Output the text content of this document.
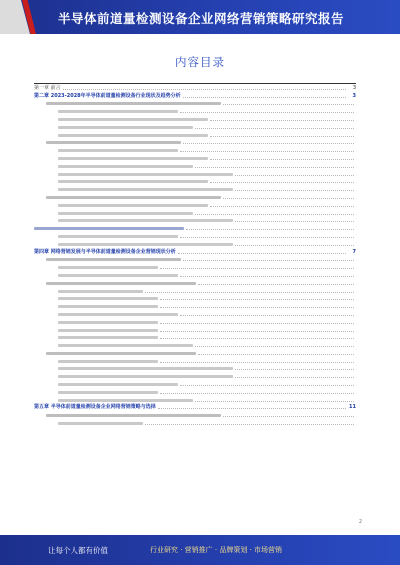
半导体前道量检测设备企业网络营销策略研究报告
内容目录
第一章 前言	3
第二章 2023-2028年半导体前道量检测设备行业现状及趋势分析	3
第四章 网络营销发展与半导体前道量检测设备企业营销现状分析	7
第五章 半导体前道量检测设备企业网络营销策略与选择	11
2
让每个人都有价值	行业研究 · 营销推广 · 品牌策划 · 市场营销
